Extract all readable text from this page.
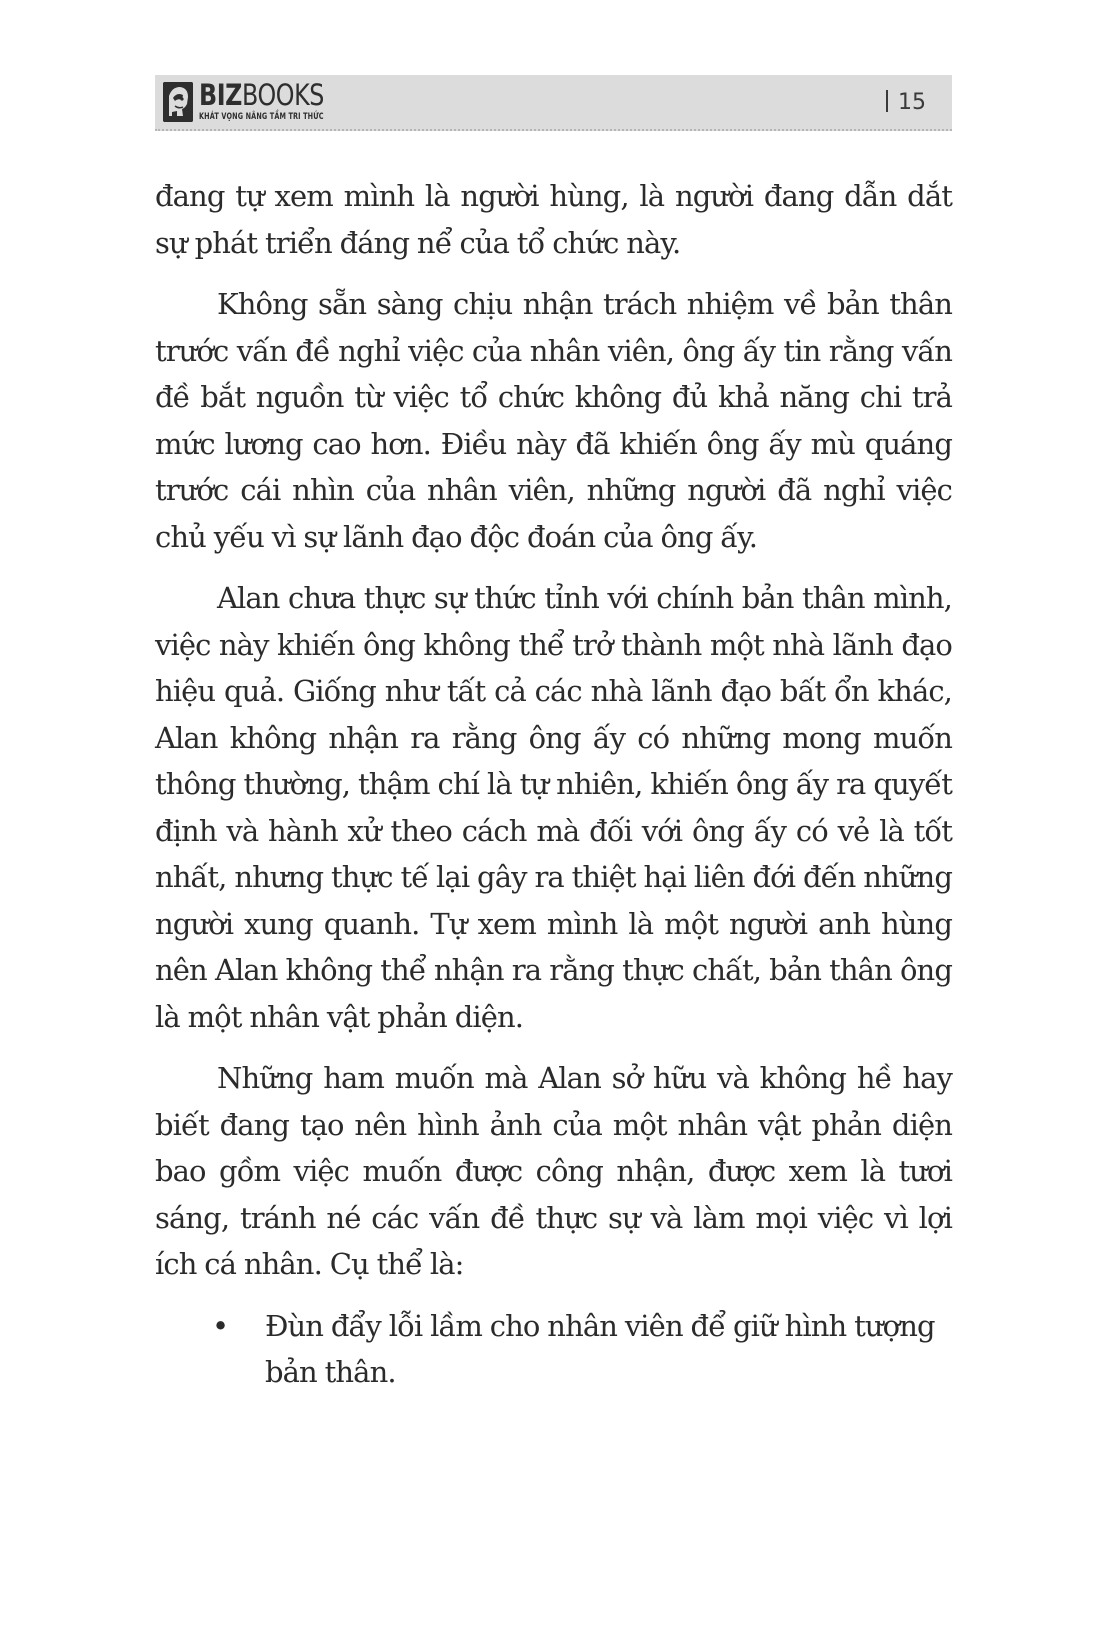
BIZBOOKS
KHÁT VỌNG NÂNG TẦM TRI THỨC
15

đang tự xem mình là người hùng, là người đang dẫn dắt sự phát triển đáng nể của tổ chức này.

Không sẵn sàng chịu nhận trách nhiệm về bản thân trước vấn đề nghỉ việc của nhân viên, ông ấy tin rằng vấn đề bắt nguồn từ việc tổ chức không đủ khả năng chi trả mức lương cao hơn. Điều này đã khiến ông ấy mù quáng trước cái nhìn của nhân viên, những người đã nghỉ việc chủ yếu vì sự lãnh đạo độc đoán của ông ấy.

Alan chưa thực sự thức tỉnh với chính bản thân mình, việc này khiến ông không thể trở thành một nhà lãnh đạo hiệu quả. Giống như tất cả các nhà lãnh đạo bất ổn khác, Alan không nhận ra rằng ông ấy có những mong muốn thông thường, thậm chí là tự nhiên, khiến ông ấy ra quyết định và hành xử theo cách mà đối với ông ấy có vẻ là tốt nhất, nhưng thực tế lại gây ra thiệt hại liên đới đến những người xung quanh. Tự xem mình là một người anh hùng nên Alan không thể nhận ra rằng thực chất, bản thân ông là một nhân vật phản diện.

Những ham muốn mà Alan sở hữu và không hề hay biết đang tạo nên hình ảnh của một nhân vật phản diện bao gồm việc muốn được công nhận, được xem là tươi sáng, tránh né các vấn đề thực sự và làm mọi việc vì lợi ích cá nhân. Cụ thể là:

• Đùn đẩy lỗi lầm cho nhân viên để giữ hình tượng bản thân.
